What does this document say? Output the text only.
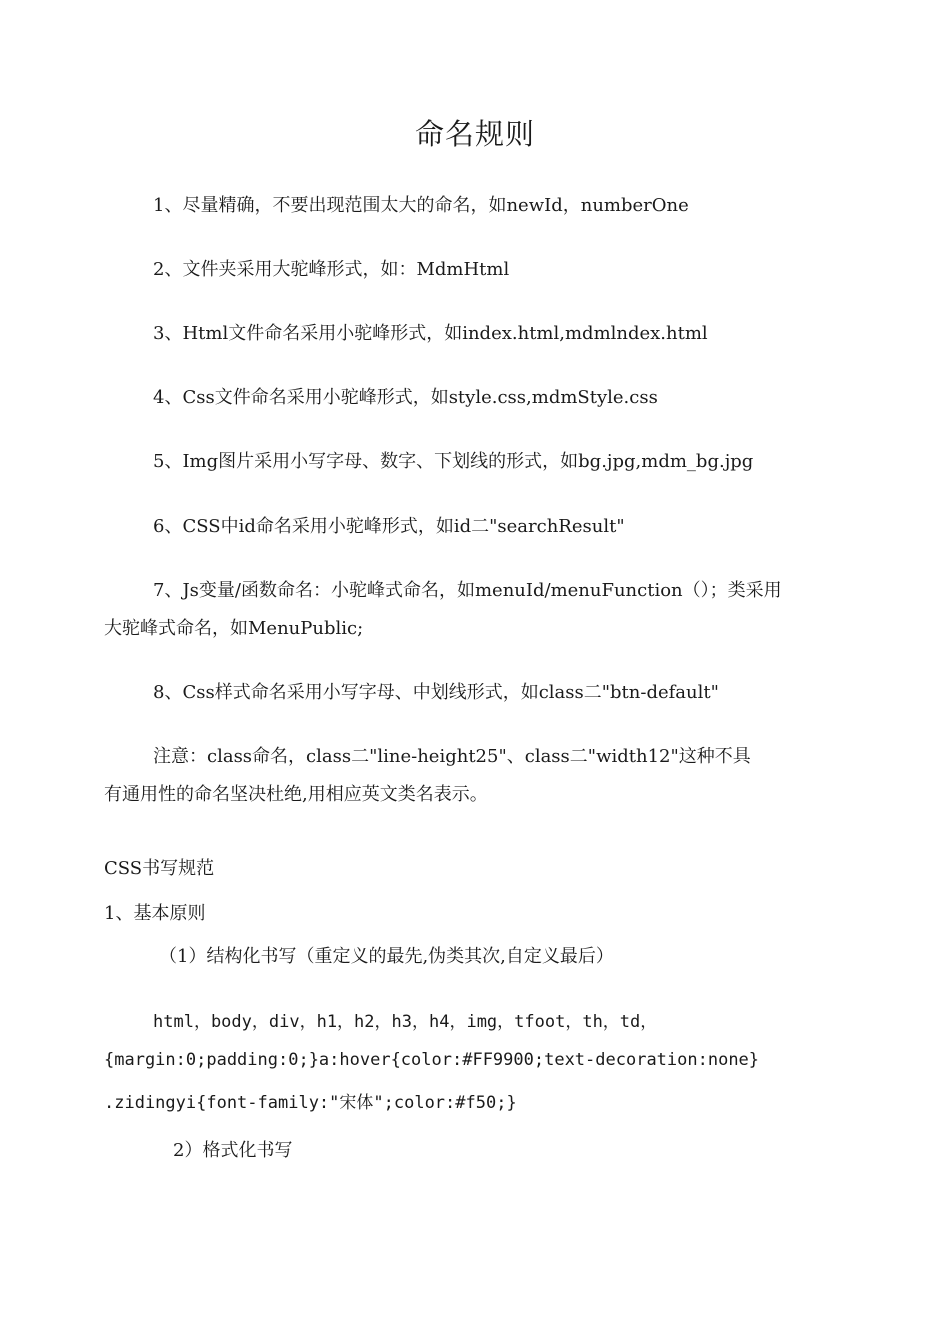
命名规则
1、尽量精确，不要出现范围太大的命名，如newId，numberOne
2、文件夹采用大驼峰形式，如：MdmHtml
3、Html文件命名采用小驼峰形式，如index.html,mdmlndex.html
4、Css文件命名采用小驼峰形式，如style.css,mdmStyle.css
5、Img图片采用小写字母、数字、下划线的形式，如bg.jpg,mdm_bg.jpg
6、CSS中id命名采用小驼峰形式，如id二"searchResult"
7、Js变量/函数命名：小驼峰式命名，如menuId/menuFunction（）；类采用
大驼峰式命名，如MenuPublic;
8、Css样式命名采用小写字母、中划线形式，如class二"btn-default"
注意：class命名，class二"line-height25"、class二"width12"这种不具
有通用性的命名坚决杜绝,用相应英文类名表示。
CSS书写规范
1、基本原则
（1）结构化书写（重定义的最先,伪类其次,自定义最后）
html，body，div，h1，h2，h3，h4，img，tfoot，th，td，
{margin:0;padding:0;}a:hover{color:#FF9900;text-decoration:none}
.zidingyi{font-family:"宋体";color:#f50;}
2）格式化书写
